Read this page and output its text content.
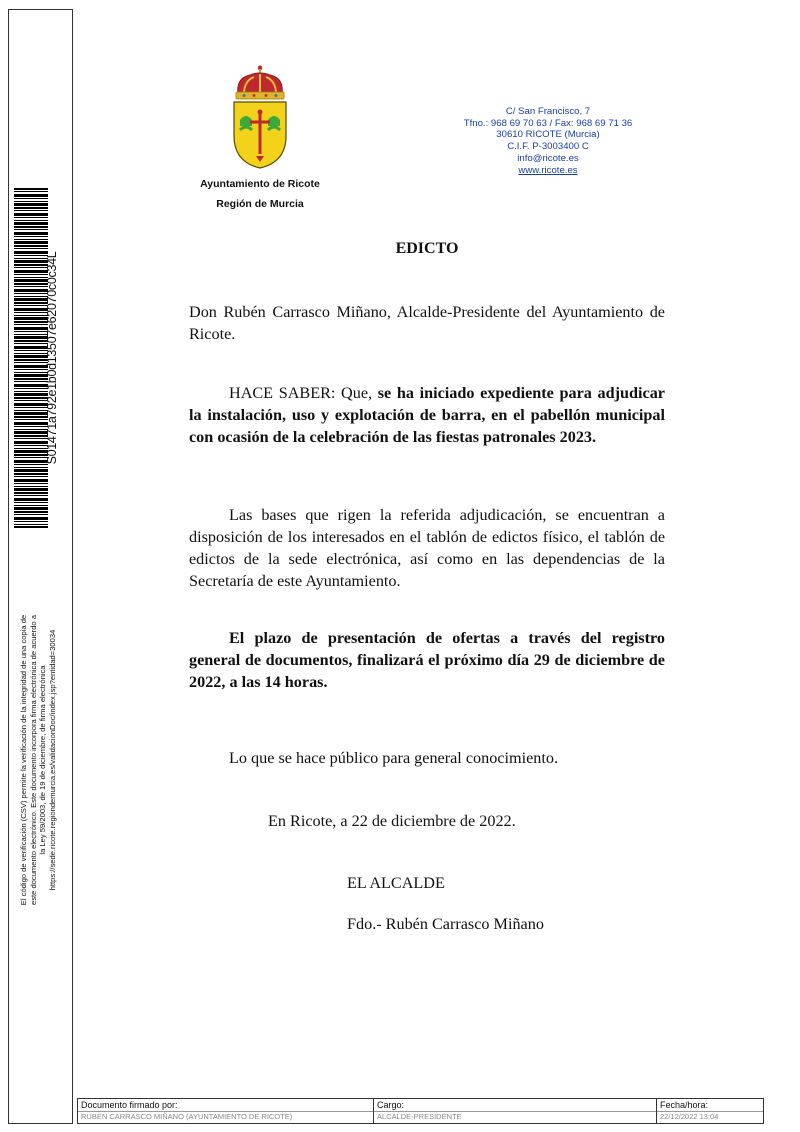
S01471a792e1b0d13507e62070c0c34L
El código de verificación (CSV) permite la verificación de la integridad de una copia de
este documento electrónico. Este documento incorpora firma electrónica de acuerdo a
la Ley 59/2003, de 19 de diciembre, de firma electrónica
https://sede.ricote.regiondemurcia.es/validacionDoc/index.jsp?entidad=30034
Ayuntamiento de Ricote
Región de Murcia
C/ San Francisco, 7
Tfno.: 968 69 70 63 / Fax: 968 69 71 36
30610 RICOTE (Murcia)
C.I.F. P-3003400 C
info@ricote.es
www.ricote.es
EDICTO
Don Rubén Carrasco Miñano, Alcalde-Presidente del Ayuntamiento de Ricote.
HACE SABER: Que, se ha iniciado expediente para adjudicar la instalación, uso y explotación de barra, en el pabellón municipal con ocasión de la celebración de las fiestas patronales 2023.
Las bases que rigen la referida adjudicación, se encuentran a disposición de los interesados en el tablón de edictos físico, el tablón de edictos de la sede electrónica, así como en las dependencias de la Secretaría de este Ayuntamiento.
El plazo de presentación de ofertas a través del registro general de documentos, finalizará el próximo día 29 de diciembre de 2022, a las 14 horas.
Lo que se hace público para general conocimiento.
En Ricote, a 22 de diciembre de 2022.
EL ALCALDE
Fdo.- Rubén Carrasco Miñano
Documento firmado por:
RUBEN CARRASCO MIÑANO (AYUNTAMIENTO DE RICOTE)
Cargo:
ALCALDE-PRESIDENTE
Fecha/hora:
22/12/2022 13:04
